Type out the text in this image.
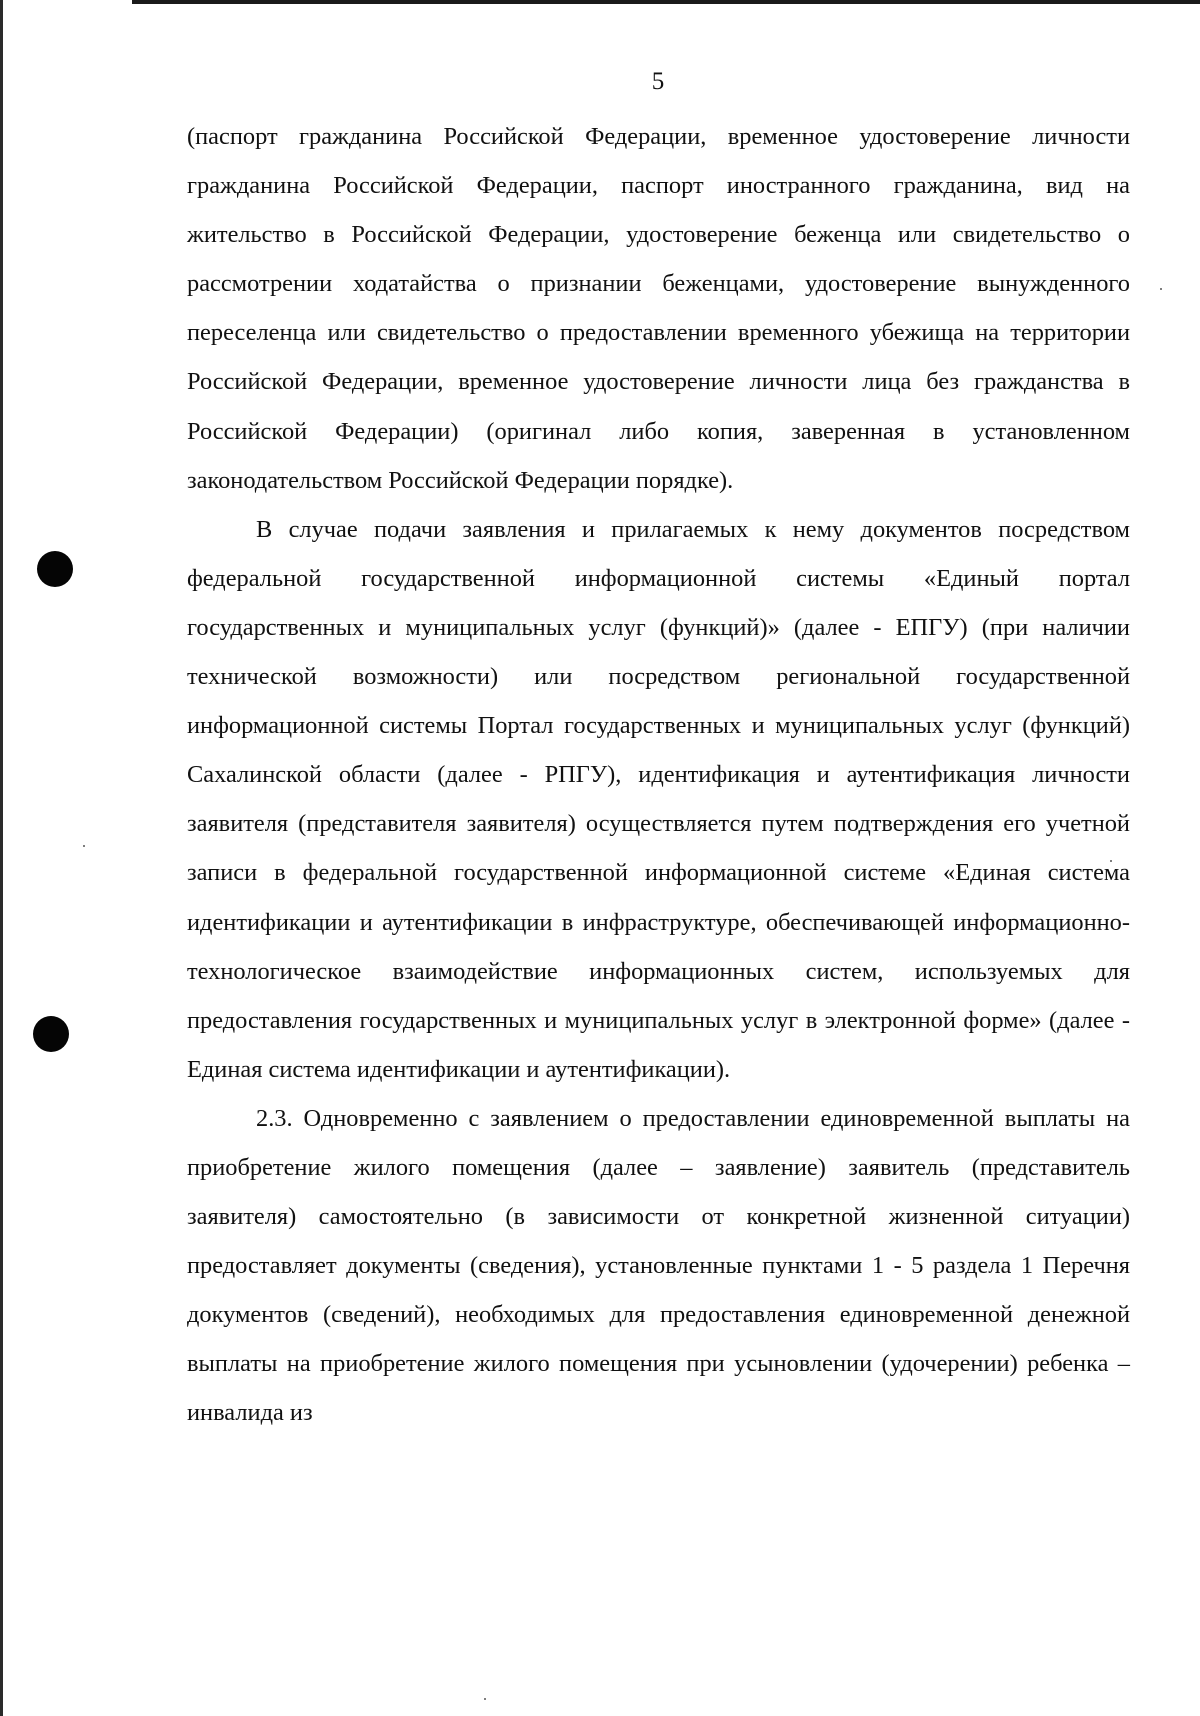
5

(паспорт гражданина Российской Федерации, временное удостоверение личности гражданина Российской Федерации, паспорт иностранного гражданина, вид на жительство в Российской Федерации, удостоверение беженца или свидетельство о рассмотрении ходатайства о признании беженцами, удостоверение вынужденного переселенца или свидетельство о предоставлении временного убежища на территории Российской Федерации, временное удостоверение личности лица без гражданства в Российской Федерации) (оригинал либо копия, заверенная в установленном законодательством Российской Федерации порядке).

В случае подачи заявления и прилагаемых к нему документов посредством федеральной государственной информационной системы «Единый портал государственных и муниципальных услуг (функций)» (далее - ЕПГУ) (при наличии технической возможности) или посредством региональной государственной информационной системы Портал государственных и муниципальных услуг (функций) Сахалинской области (далее - РПГУ), идентификация и аутентификация личности заявителя (представителя заявителя) осуществляется путем подтверждения его учетной записи в федеральной государственной информационной системе «Единая система идентификации и аутентификации в инфраструктуре, обеспечивающей информационно-технологическое взаимодействие информационных систем, используемых для предоставления государственных и муниципальных услуг в электронной форме» (далее - Единая система идентификации и аутентификации).

2.3. Одновременно с заявлением о предоставлении единовременной выплаты на приобретение жилого помещения (далее – заявление) заявитель (представитель заявителя) самостоятельно (в зависимости от конкретной жизненной ситуации) предоставляет документы (сведения), установленные пунктами 1 - 5 раздела 1 Перечня документов (сведений), необходимых для предоставления единовременной денежной выплаты на приобретение жилого помещения при усыновлении (удочерении) ребенка – инвалида из
